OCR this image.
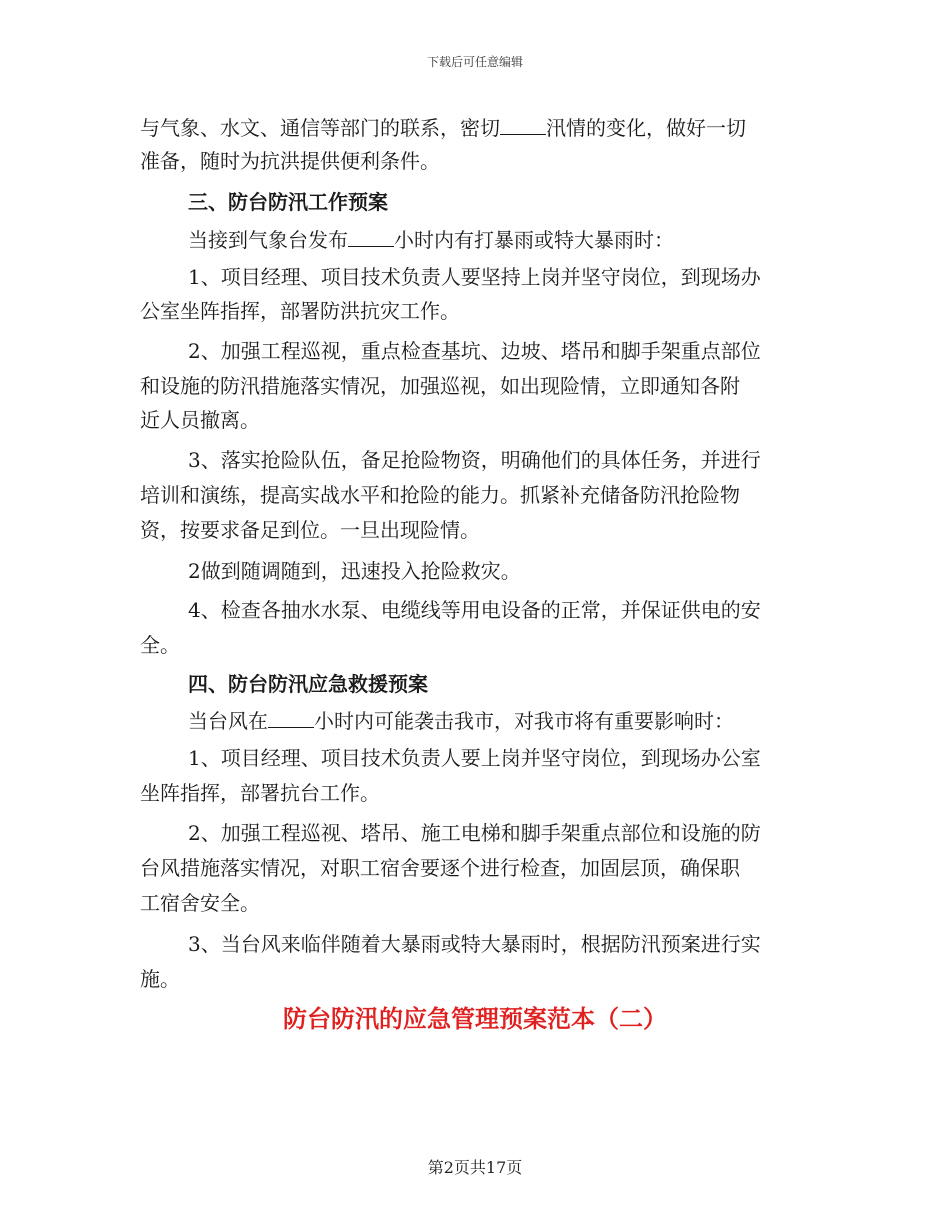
下载后可任意编辑
与气象、水文、通信等部门的联系，密切 汛情的变化，做好一切
准备，随时为抗洪提供便利条件。
三、防台防汛工作预案
当接到气象台发布 小时内有打暴雨或特大暴雨时：
1、项目经理、项目技术负责人要坚持上岗并坚守岗位，到现场办
公室坐阵指挥，部署防洪抗灾工作。
2、加强工程巡视，重点检查基坑、边坡、塔吊和脚手架重点部位
和设施的防汛措施落实情况，加强巡视，如出现险情，立即通知各附
近人员撤离。
3、落实抢险队伍，备足抢险物资，明确他们的具体任务，并进行
培训和演练，提高实战水平和抢险的能力。抓紧补充储备防汛抢险物
资，按要求备足到位。一旦出现险情。
2做到随调随到，迅速投入抢险救灾。
4、检查各抽水水泵、电缆线等用电设备的正常，并保证供电的安
全。
四、防台防汛应急救援预案
当台风在 小时内可能袭击我市，对我市将有重要影响时：
1、项目经理、项目技术负责人要上岗并坚守岗位，到现场办公室
坐阵指挥，部署抗台工作。
2、加强工程巡视、塔吊、施工电梯和脚手架重点部位和设施的防
台风措施落实情况，对职工宿舍要逐个进行检查，加固层顶，确保职
工宿舍安全。
3、当台风来临伴随着大暴雨或特大暴雨时，根据防汛预案进行实
施。
防台防汛的应急管理预案范本（二）
第2页共17页
